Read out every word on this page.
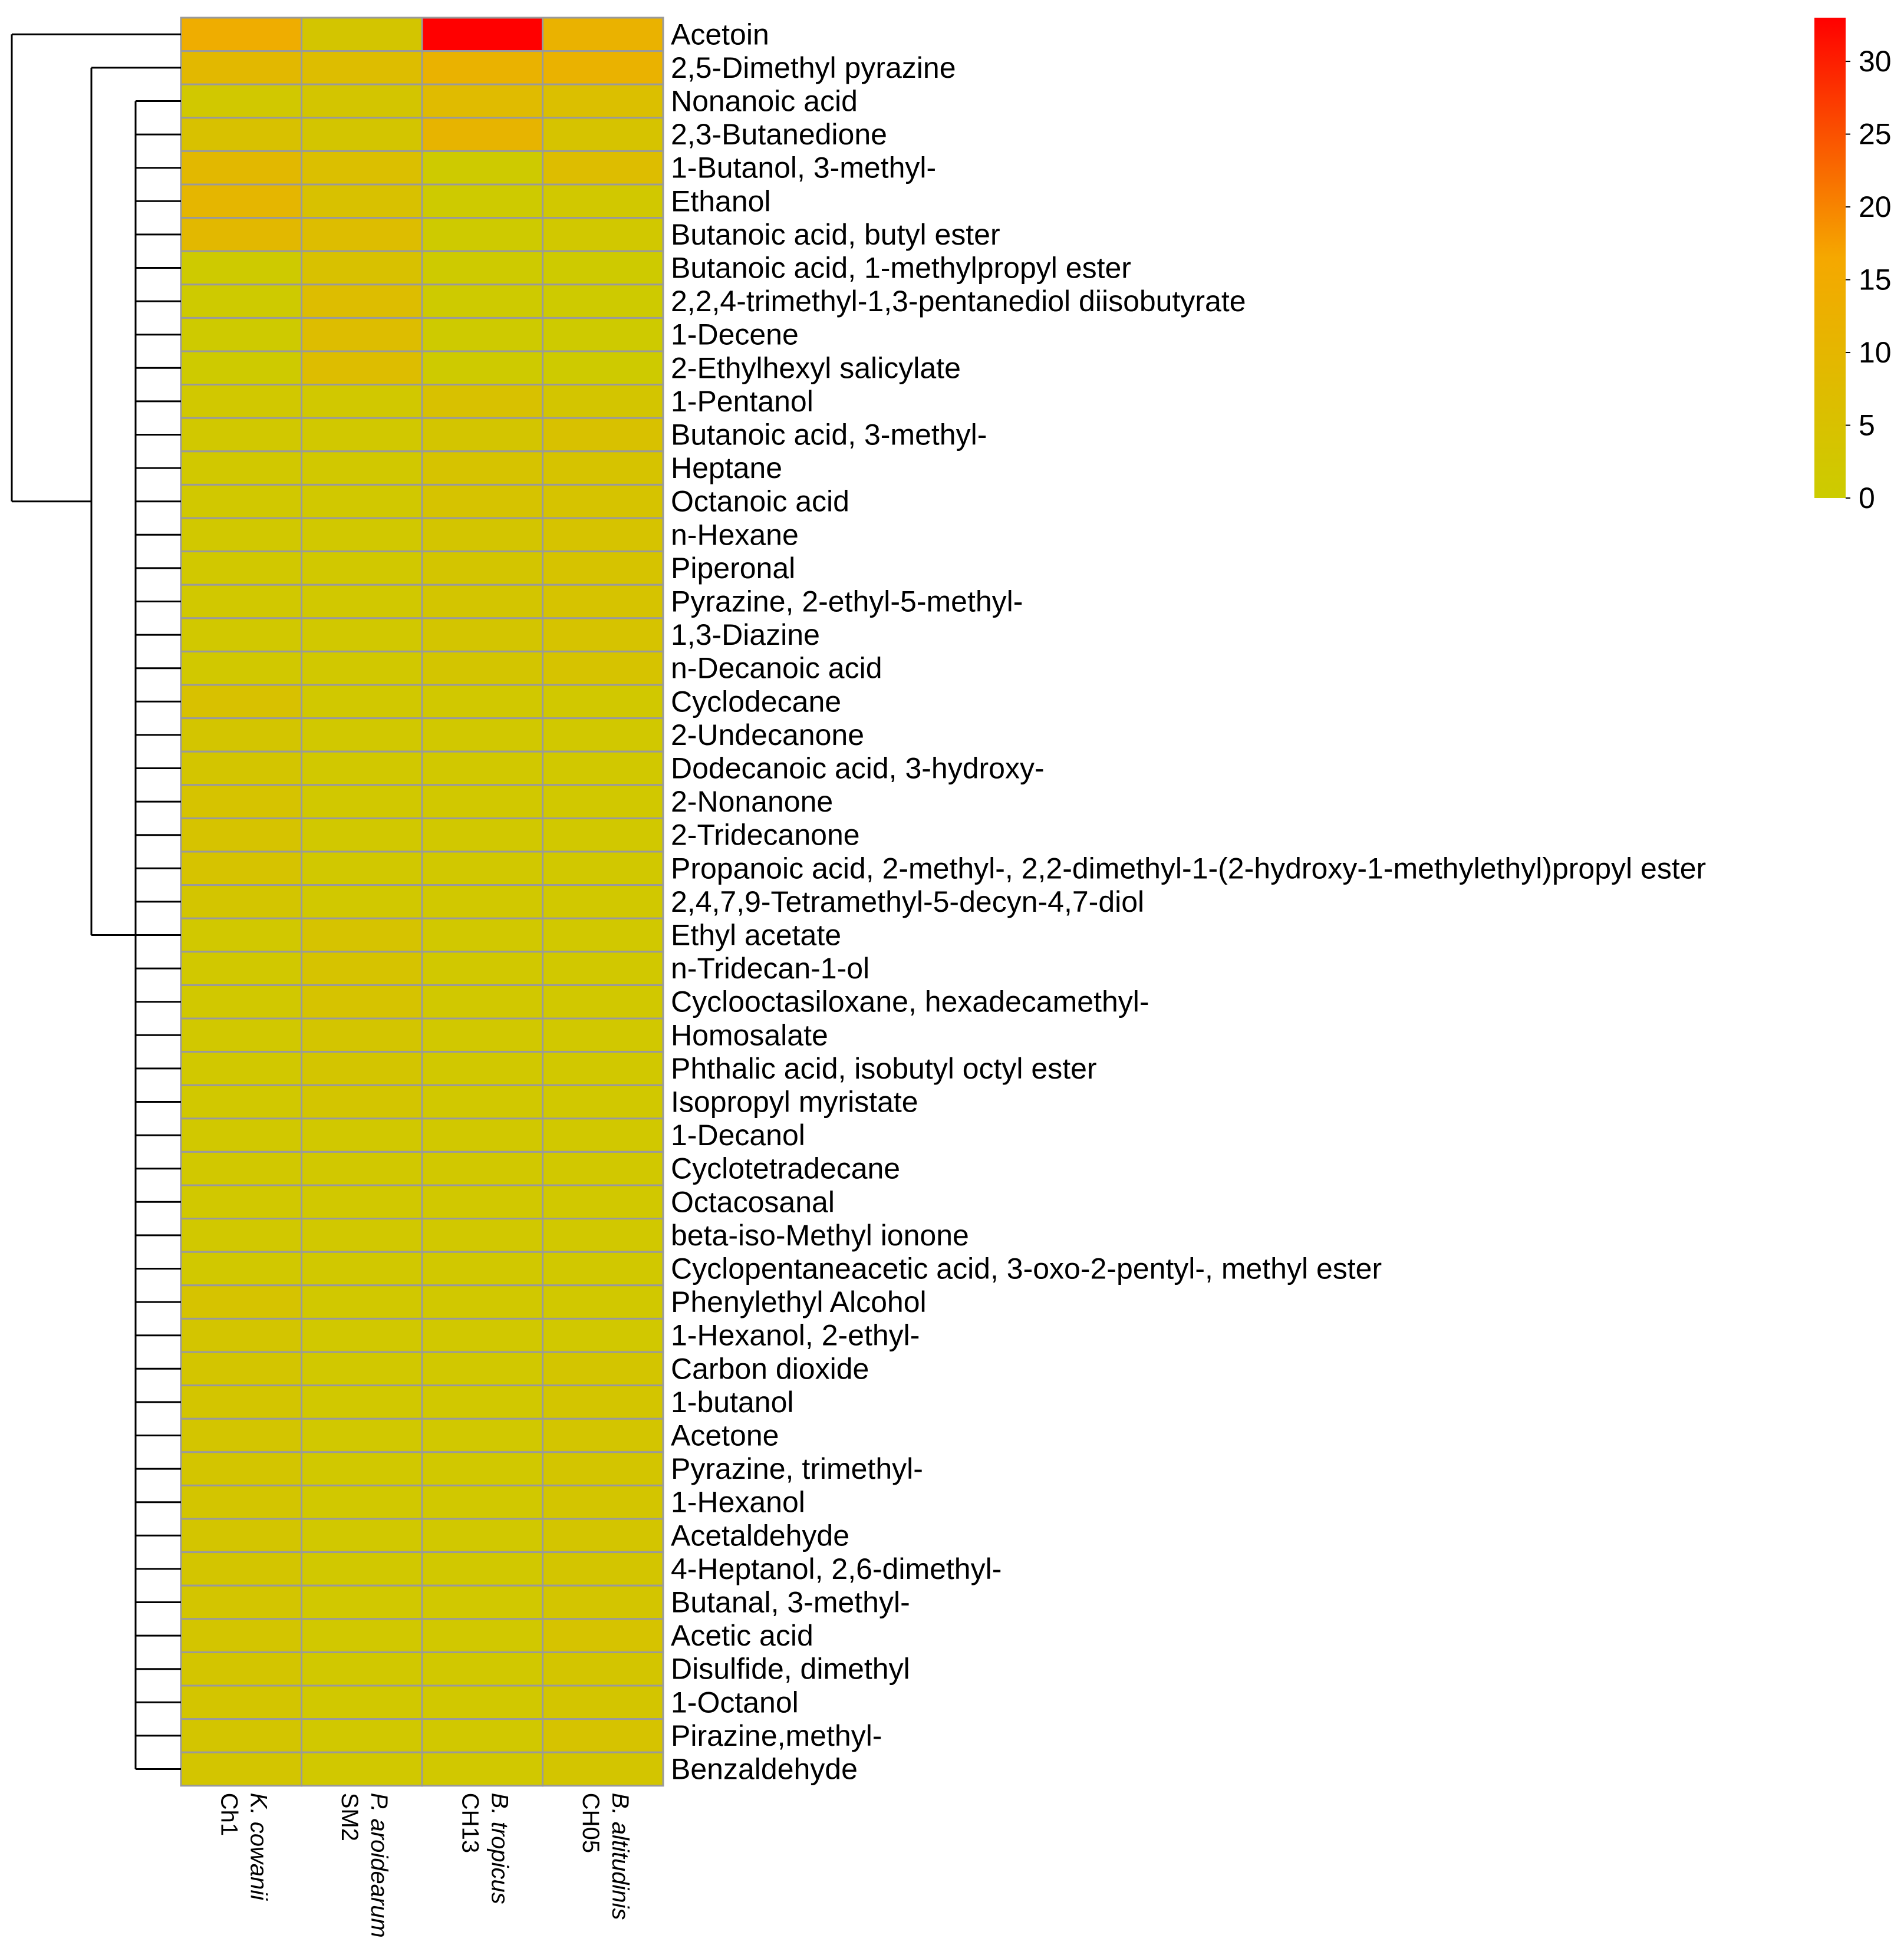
Acetoin
2,5-Dimethyl pyrazine
Nonanoic acid
2,3-Butanedione
1-Butanol, 3-methyl-
Ethanol
Butanoic acid, butyl ester
Butanoic acid, 1-methylpropyl ester
2,2,4-trimethyl-1,3-pentanediol diisobutyrate
1-Decene
2-Ethylhexyl salicylate
1-Pentanol
Butanoic acid, 3-methyl-
Heptane
Octanoic acid
n-Hexane
Piperonal
Pyrazine, 2-ethyl-5-methyl-
1,3-Diazine
n-Decanoic acid
Cyclodecane
2-Undecanone
Dodecanoic acid, 3-hydroxy-
2-Nonanone
2-Tridecanone
Propanoic acid, 2-methyl-, 2,2-dimethyl-1-(2-hydroxy-1-methylethyl)propyl ester
2,4,7,9-Tetramethyl-5-decyn-4,7-diol
Ethyl acetate
n-Tridecan-1-ol
Cyclooctasiloxane, hexadecamethyl-
Homosalate
Phthalic acid, isobutyl octyl ester
Isopropyl myristate
1-Decanol
Cyclotetradecane
Octacosanal
beta-iso-Methyl ionone
Cyclopentaneacetic acid, 3-oxo-2-pentyl-, methyl ester
Phenylethyl Alcohol
1-Hexanol, 2-ethyl-
Carbon dioxide
1-butanol
Acetone
Pyrazine, trimethyl-
1-Hexanol
Acetaldehyde
4-Heptanol, 2,6-dimethyl-
Butanal, 3-methyl-
Acetic acid
Disulfide, dimethyl
1-Octanol
Pirazine,methyl-
Benzaldehyde
K. cowanii
Ch1	P. aroidearum
SM2	B. tropicus
CH13	B. altitudinis
CH05
0
5
10
15
20
25
30
